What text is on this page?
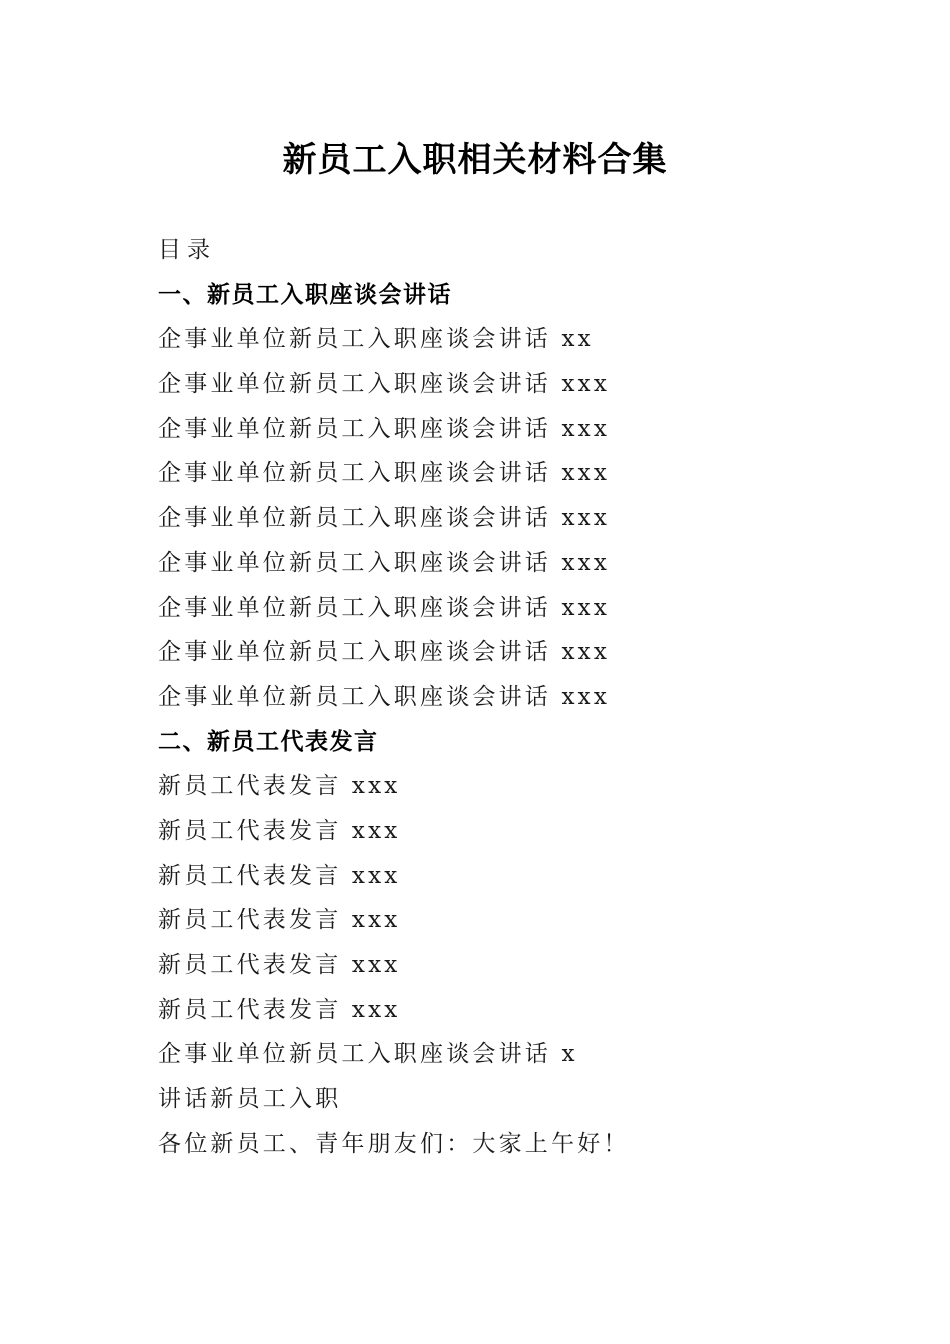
新员工入职相关材料合集
目录
一、新员工入职座谈会讲话
企事业单位新员工入职座谈会讲话 xx
企事业单位新员工入职座谈会讲话 xxx
企事业单位新员工入职座谈会讲话 xxx
企事业单位新员工入职座谈会讲话 xxx
企事业单位新员工入职座谈会讲话 xxx
企事业单位新员工入职座谈会讲话 xxx
企事业单位新员工入职座谈会讲话 xxx
企事业单位新员工入职座谈会讲话 xxx
企事业单位新员工入职座谈会讲话 xxx
二、新员工代表发言
新员工代表发言 xxx
新员工代表发言 xxx
新员工代表发言 xxx
新员工代表发言 xxx
新员工代表发言 xxx
新员工代表发言 xxx
企事业单位新员工入职座谈会讲话 x
讲话新员工入职
各位新员工、青年朋友们：大家上午好！
